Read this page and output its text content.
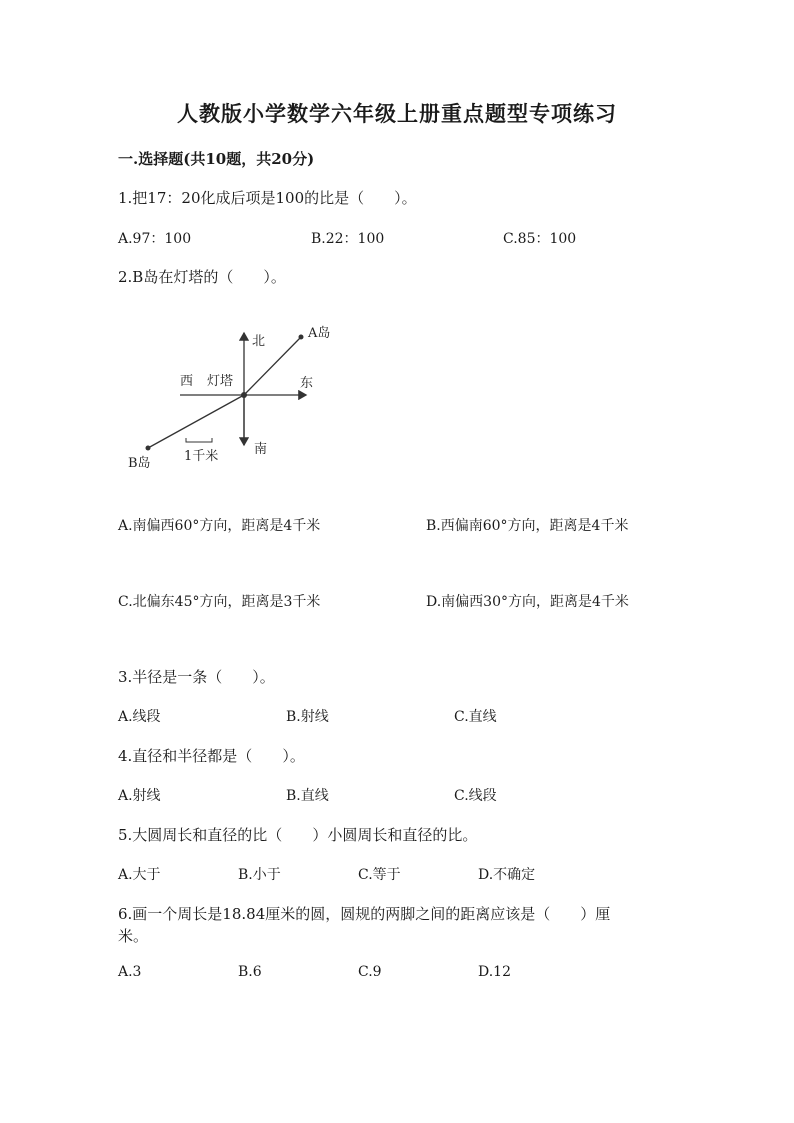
人教版小学数学六年级上册重点题型专项练习
一.选择题(共10题，共20分)
1.把17：20化成后项是100的比是（　　）。
A.97：100	B.22：100	C.85：100
2.B岛在灯塔的（　　）。
北
南
东
西 灯塔
A岛
B岛	1千米
A.南偏西60°方向，距离是4千米	B.西偏南60°方向，距离是4千米
C.北偏东45°方向，距离是3千米	D.南偏西30°方向，距离是4千米
3.半径是一条（　　）。
A.线段	B.射线	C.直线
4.直径和半径都是（　　）。
A.射线	B.直线	C.线段
5.大圆周长和直径的比（　　）小圆周长和直径的比。
A.大于	B.小于	C.等于	D.不确定
6.画一个周长是18.84厘米的圆，圆规的两脚之间的距离应该是（　　）厘
米。
A.3	B.6	C.9	D.12
